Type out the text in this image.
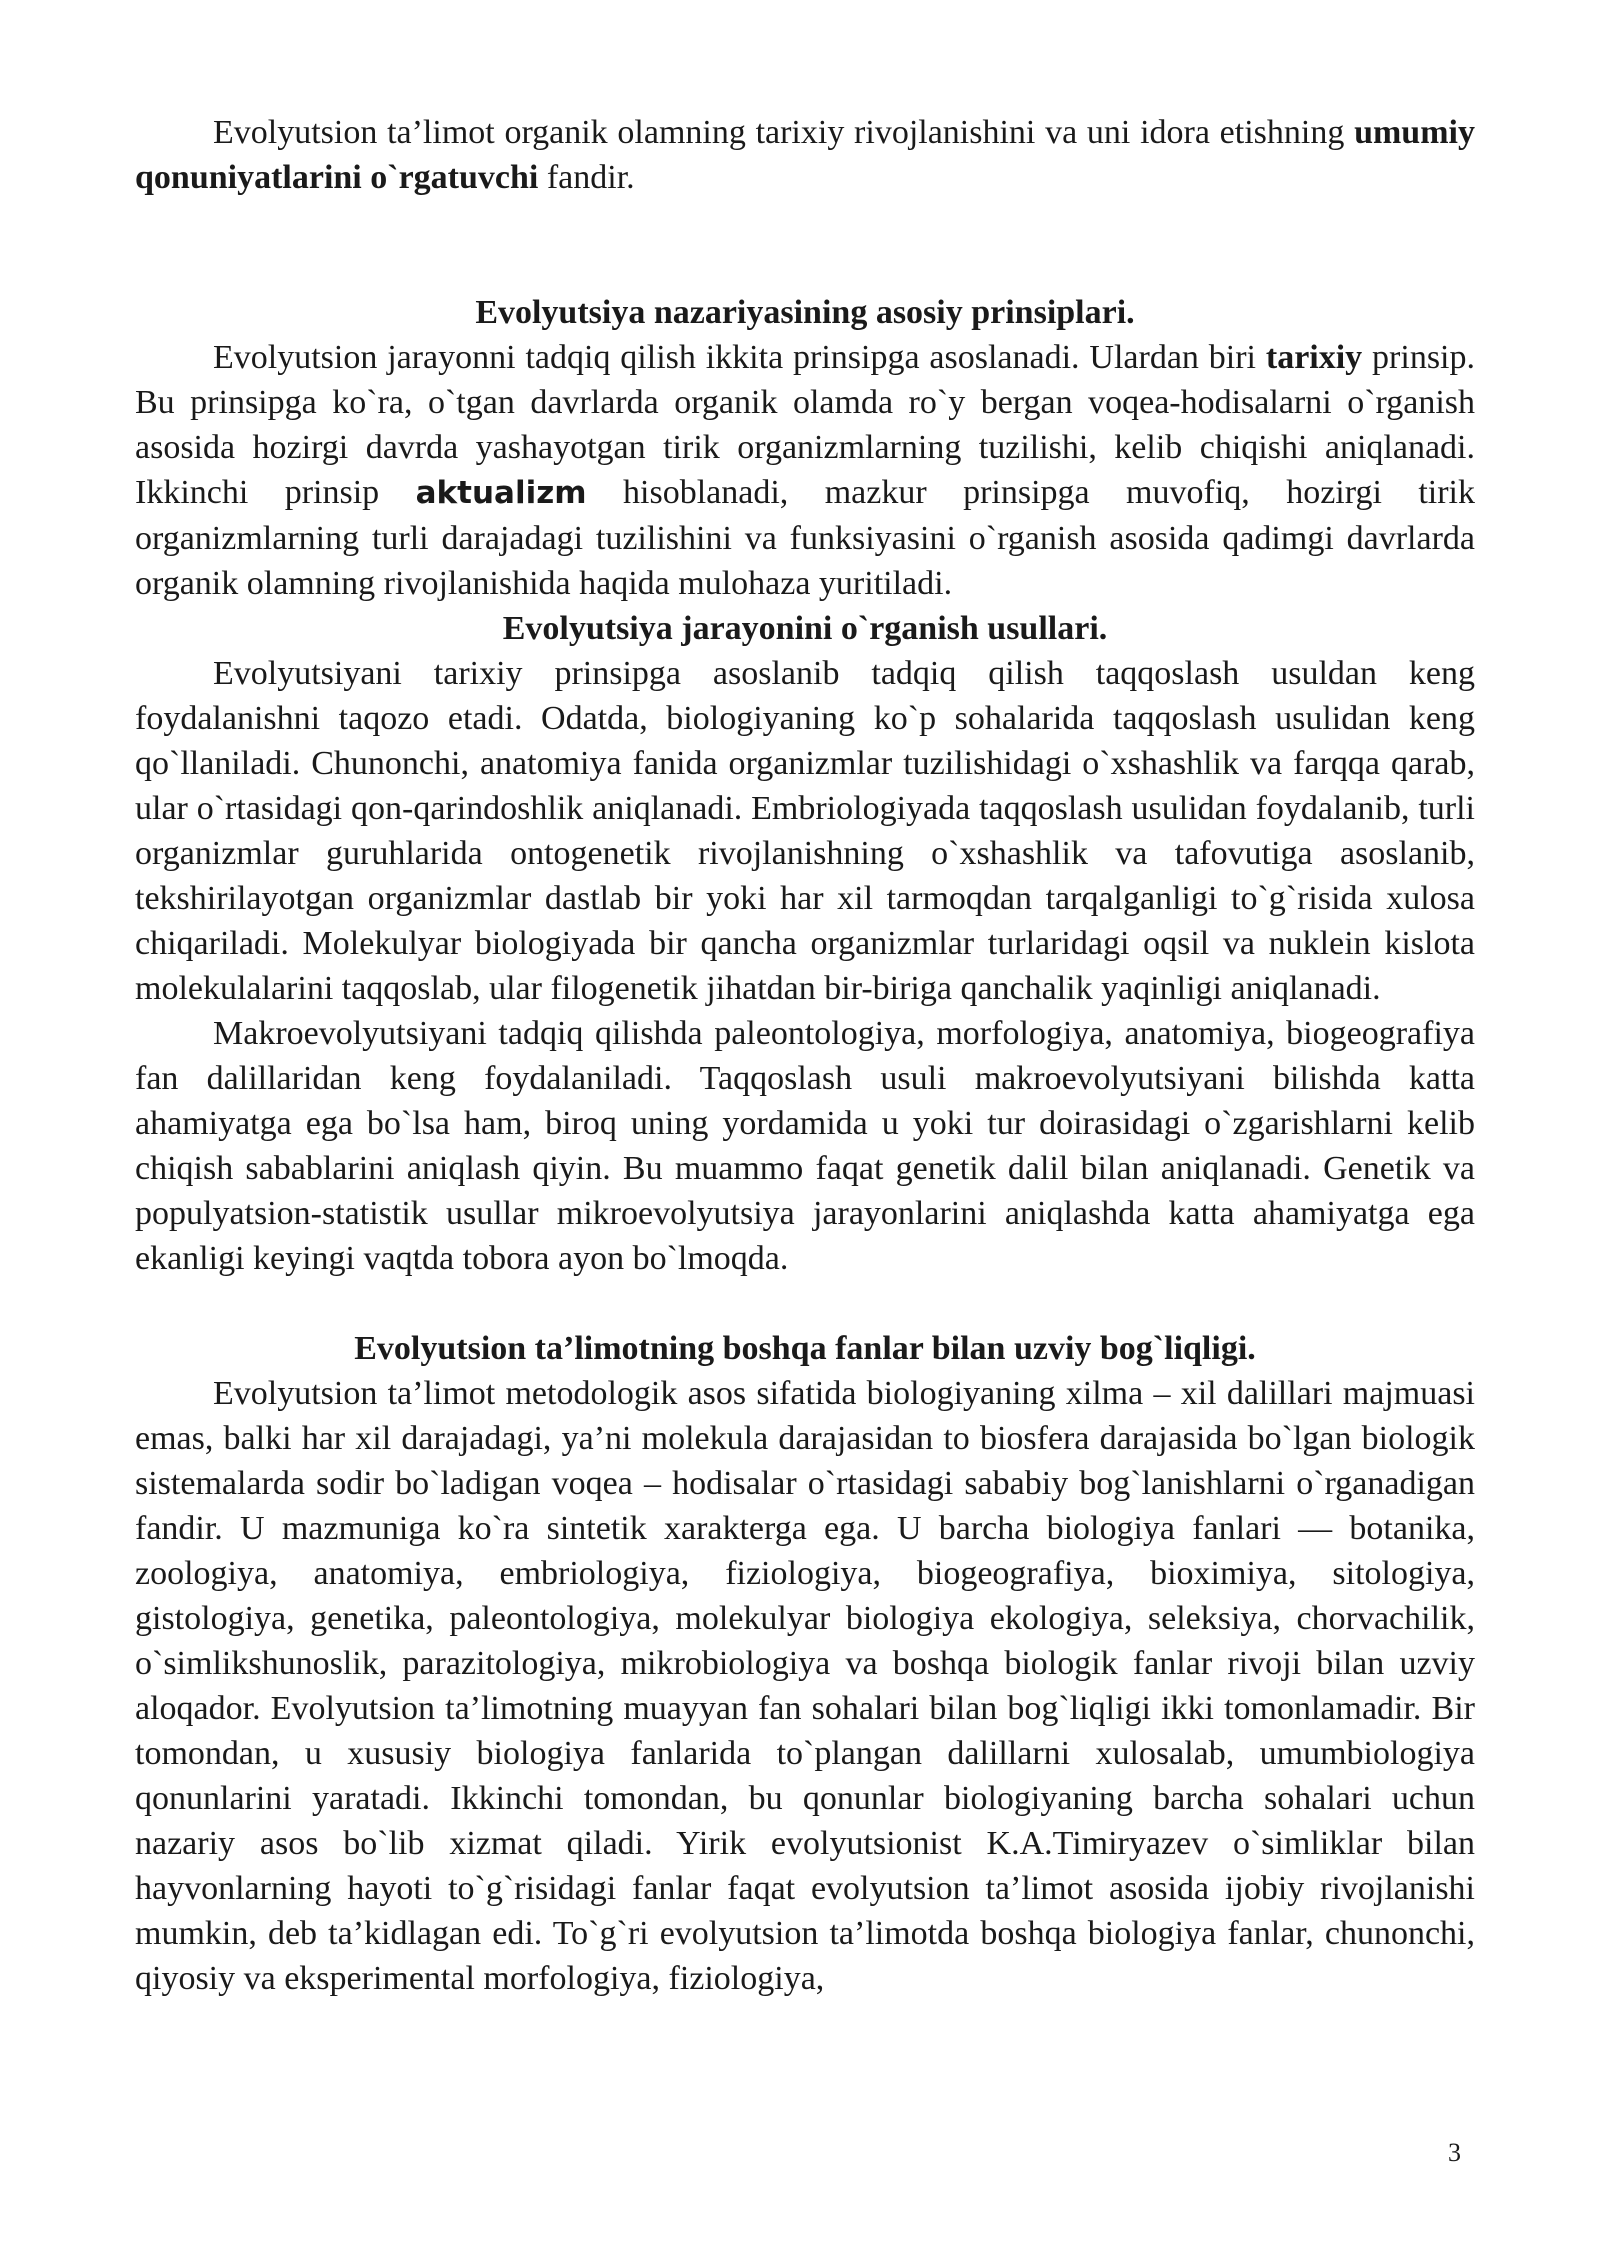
Evolyutsion ta’limot organik olamning tarixiy rivojlanishini va uni idora etishning umumiy qonuniyatlarini o`rgatuvchi fandir.

Evolyutsiya nazariyasining asosiy prinsiplari.

Evolyutsion jarayonni tadqiq qilish ikkita prinsipga asoslanadi. Ulardan biri tarixiy prinsip. Bu prinsipga ko`ra, o`tgan davrlarda organik olamda ro`y bergan voqea-hodisalarni o`rganish asosida hozirgi davrda yashayotgan tirik organizmlarning tuzilishi, kelib chiqishi aniqlanadi. Ikkinchi prinsip aktualizm hisoblanadi, mazkur prinsipga muvofiq, hozirgi tirik organizmlarning turli darajadagi tuzilishini va funksiyasini o`rganish asosida qadimgi davrlarda organik olamning rivojlanishida haqida mulohaza yuritiladi.

Evolyutsiya jarayonini o`rganish usullari.

Evolyutsiyani tarixiy prinsipga asoslanib tadqiq qilish taqqoslash usuldan keng foydalanishni taqozo etadi. Odatda, biologiyaning ko`p sohalarida taqqoslash usulidan keng qo`llaniladi. Chunonchi, anatomiya fanida organizmlar tuzilishidagi o`xshashlik va farqqa qarab, ular o`rtasidagi qon-qarindoshlik aniqlanadi. Embriologiyada taqqoslash usulidan foydalanib, turli organizmlar guruhlarida ontogenetik rivojlanishning o`xshashlik va tafovutiga asoslanib, tekshirilayotgan organizmlar dastlab bir yoki har xil tarmoqdan tarqalganligi to`g`risida xulosa chiqariladi. Molekulyar biologiyada bir qancha organizmlar turlaridagi oqsil va nuklein kislota molekulalarini taqqoslab, ular filogenetik jihatdan bir-biriga qanchalik yaqinligi aniqlanadi.

Makroevolyutsiyani tadqiq qilishda paleontologiya, morfologiya, anatomiya, biogeografiya fan dalillaridan keng foydalaniladi. Taqqoslash usuli makroevolyutsiyani bilishda katta ahamiyatga ega bo`lsa ham, biroq uning yordamida u yoki tur doirasidagi o`zgarishlarni kelib chiqish sabablarini aniqlash qiyin. Bu muammo faqat genetik dalil bilan aniqlanadi. Genetik va populyatsion-statistik usullar mikroevolyutsiya jarayonlarini aniqlashda katta ahamiyatga ega ekanligi keyingi vaqtda tobora ayon bo`lmoqda.

Evolyutsion ta’limotning boshqa fanlar bilan uzviy bog`liqligi.

Evolyutsion ta’limot metodologik asos sifatida biologiyaning xilma – xil dalillari majmuasi emas, balki har xil darajadagi, ya’ni molekula darajasidan to biosfera darajasida bo`lgan biologik sistemalarda sodir bo`ladigan voqea – hodisalar o`rtasidagi sababiy bog`lanishlarni o`rganadigan fandir. U mazmuniga ko`ra sintetik xarakterga ega. U barcha biologiya fanlari — botanika, zoologiya, anatomiya, embriologiya, fiziologiya, biogeografiya, bioximiya, sitologiya, gistologiya, genetika, paleontologiya, molekulyar biologiya ekologiya, seleksiya, chorvachilik, o`simlikshunoslik, parazitologiya, mikrobiologiya va boshqa biologik fanlar rivoji bilan uzviy aloqador. Evolyutsion ta’limotning muayyan fan sohalari bilan bog`liqligi ikki tomonlamadir. Bir tomondan, u xususiy biologiya fanlarida to`plangan dalillarni xulosalab, umumbiologiya qonunlarini yaratadi. Ikkinchi tomondan, bu qonunlar biologiyaning barcha sohalari uchun nazariy asos bo`lib xizmat qiladi. Yirik evolyutsionist K.A.Timiryazev o`simliklar bilan hayvonlarning hayoti to`g`risidagi fanlar faqat evolyutsion ta’limot asosida ijobiy rivojlanishi mumkin, deb ta’kidlagan edi. To`g`ri evolyutsion ta’limotda boshqa biologiya fanlar, chunonchi, qiyosiy va eksperimental morfologiya, fiziologiya,

3
